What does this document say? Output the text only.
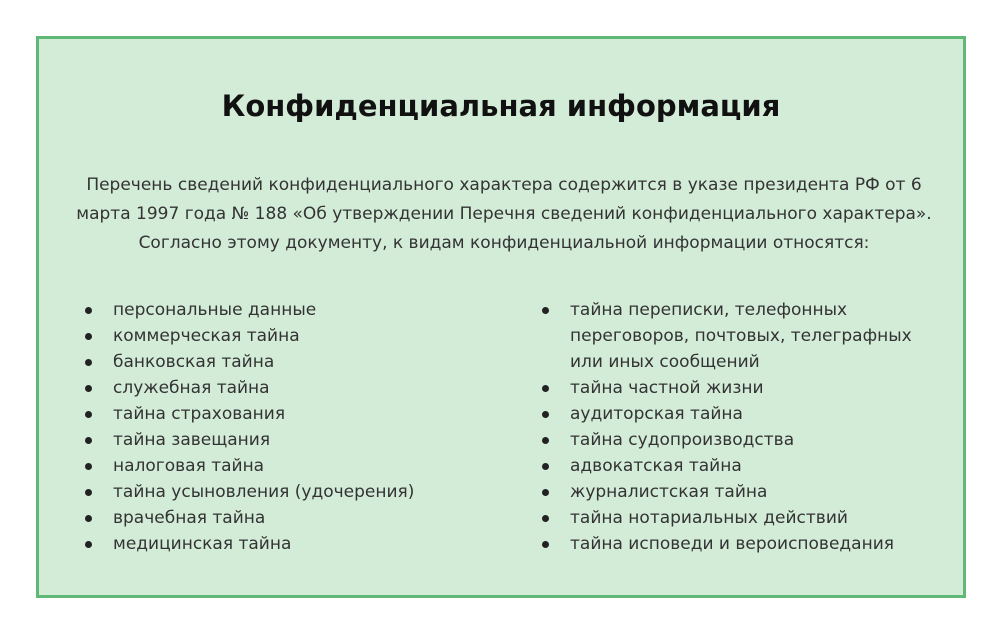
Конфиденциальная информация

Перечень сведений конфиденциального характера содержится в указе президента РФ от 6 марта 1997 года № 188 «Об утверждении Перечня сведений конфиденциального характера». Согласно этому документу, к видам конфиденциальной информации относятся:

персональные данные
коммерческая тайна
банковская тайна
служебная тайна
тайна страхования
тайна завещания
налоговая тайна
тайна усыновления (удочерения)
врачебная тайна
медицинская тайна
тайна переписки, телефонных переговоров, почтовых, телеграфных или иных сообщений
тайна частной жизни
аудиторская тайна
тайна судопроизводства
адвокатская тайна
журналистская тайна
тайна нотариальных действий
тайна исповеди и вероисповедания
